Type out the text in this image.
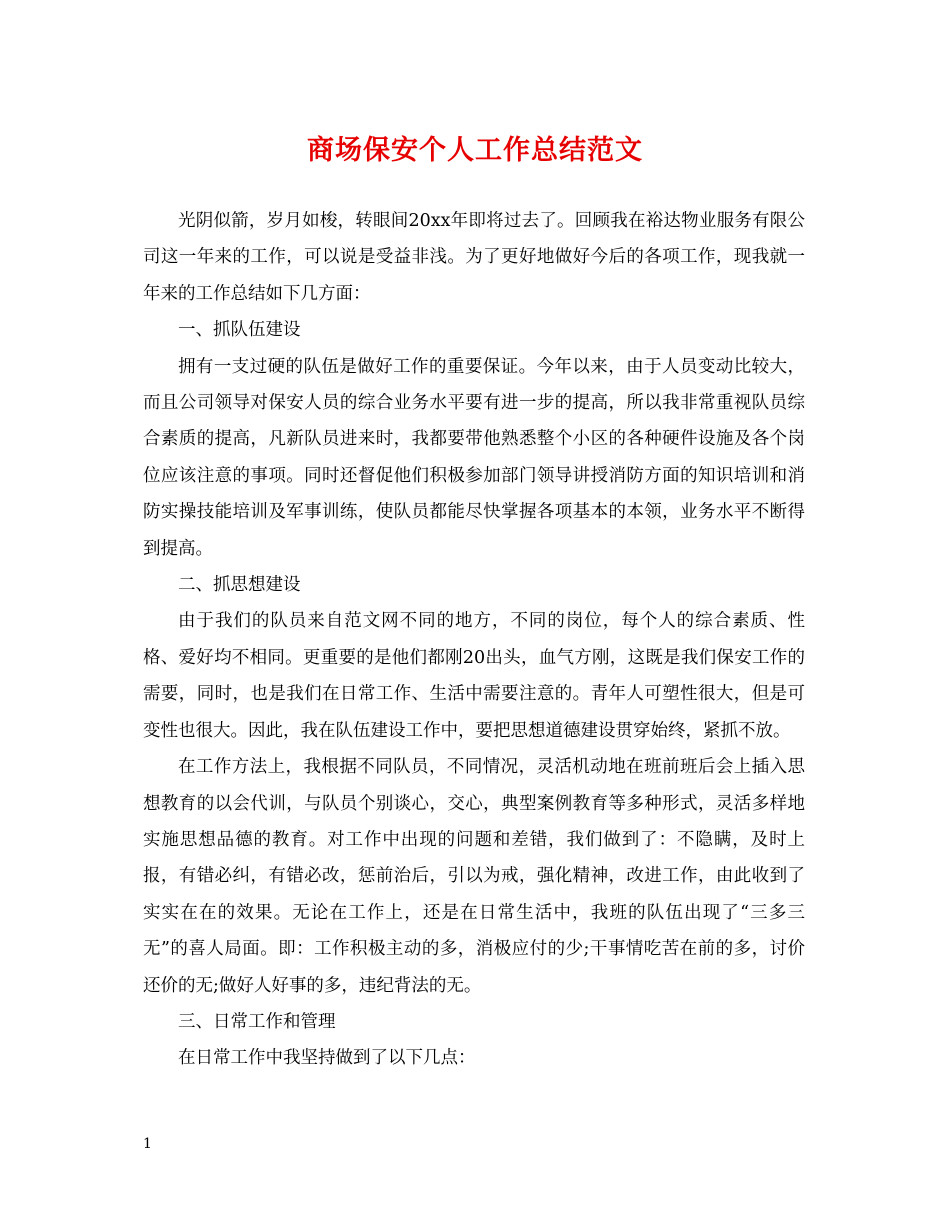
商场保安个人工作总结范文

光阴似箭，岁月如梭，转眼间20xx年即将过去了。回顾我在裕达物业服务有限公司这一年来的工作，可以说是受益非浅。为了更好地做好今后的各项工作，现我就一年来的工作总结如下几方面：

一、抓队伍建设

拥有一支过硬的队伍是做好工作的重要保证。今年以来，由于人员变动比较大，而且公司领导对保安人员的综合业务水平要有进一步的提高，所以我非常重视队员综合素质的提高，凡新队员进来时，我都要带他熟悉整个小区的各种硬件设施及各个岗位应该注意的事项。同时还督促他们积极参加部门领导讲授消防方面的知识培训和消防实操技能培训及军事训练，使队员都能尽快掌握各项基本的本领，业务水平不断得到提高。

二、抓思想建设

由于我们的队员来自范文网不同的地方，不同的岗位，每个人的综合素质、性格、爱好均不相同。更重要的是他们都刚20出头，血气方刚，这既是我们保安工作的需要，同时，也是我们在日常工作、生活中需要注意的。青年人可塑性很大，但是可变性也很大。因此，我在队伍建设工作中，要把思想道德建设贯穿始终，紧抓不放。

在工作方法上，我根据不同队员，不同情况，灵活机动地在班前班后会上插入思想教育的以会代训，与队员个别谈心，交心，典型案例教育等多种形式，灵活多样地实施思想品德的教育。对工作中出现的问题和差错，我们做到了：不隐瞒，及时上报，有错必纠，有错必改，惩前治后，引以为戒，强化精神，改进工作，由此收到了实实在在的效果。无论在工作上，还是在日常生活中，我班的队伍出现了“三多三无”的喜人局面。即：工作积极主动的多，消极应付的少;干事情吃苦在前的多，讨价还价的无;做好人好事的多，违纪背法的无。

三、日常工作和管理

在日常工作中我坚持做到了以下几点：

1
